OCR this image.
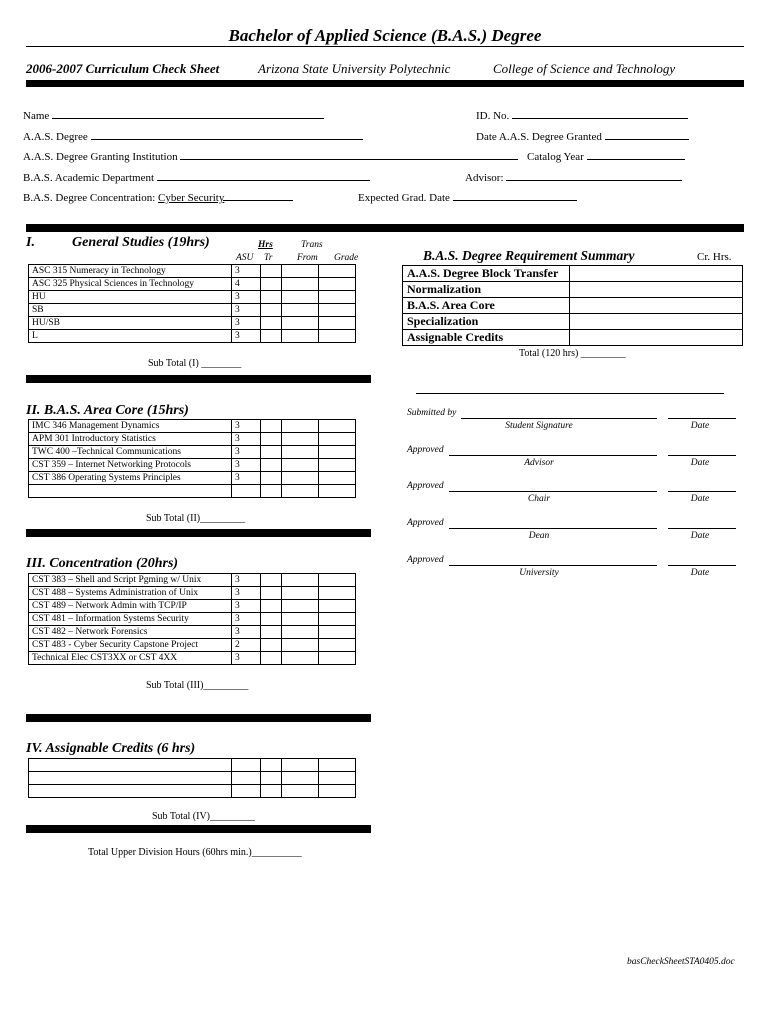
Bachelor of Applied Science (B.A.S.) Degree
2006-2007 Curriculum Check Sheet	Arizona State University Polytechnic	College of Science and Technology
Name	ID. No.
A.A.S. Degree	Date A.A.S. Degree Granted
A.A.S. Degree Granting Institution	Catalog Year
B.A.S. Academic Department	Advisor:
B.A.S. Degree Concentration: Cyber Security	Expected Grad. Date
I.	General Studies (19hrs)	Hrs	Trans
ASU Tr	From Grade
ASC 315 Numeracy in Technology	3			
ASC 325 Physical Sciences in Technology	4			
HU	3			
SB	3			
HU/SB	3			
L	3			
Sub Total (I) ________
II. B.A.S. Area Core (15hrs)
IMC 346 Management Dynamics	3			
APM 301 Introductory Statistics	3			
TWC 400 –Technical Communications	3			
CST 359 – Internet Networking Protocols	3			
CST 386 Operating Systems Principles	3			

Sub Total (II)_________
III. Concentration (20hrs)
CST 383 – Shell and Script Pgming w/ Unix	3			
CST 488 – Systems Administration of Unix	3			
CST 489 – Network Admin with TCP/IP	3			
CST 481 – Information Systems Security	3			
CST 482 – Network Forensics	3			
CST 483 - Cyber Security Capstone Project	2			
Technical Elec CST3XX or CST 4XX	3			
Sub Total (III)_________
IV. Assignable Credits (6 hrs)

Sub Total (IV)_________
Total Upper Division Hours (60hrs min.)__________
B.A.S. Degree Requirement Summary	Cr. Hrs.
A.A.S. Degree Block Transfer	
Normalization	
B.A.S. Area Core	
Specialization	
Assignable Credits	
Total (120 hrs) _________
Submitted by
Student Signature	Date
Approved
Advisor	Date
Approved
Chair	Date
Approved
Dean	Date
Approved
University	Date
basCheckSheetSTA0405.doc
